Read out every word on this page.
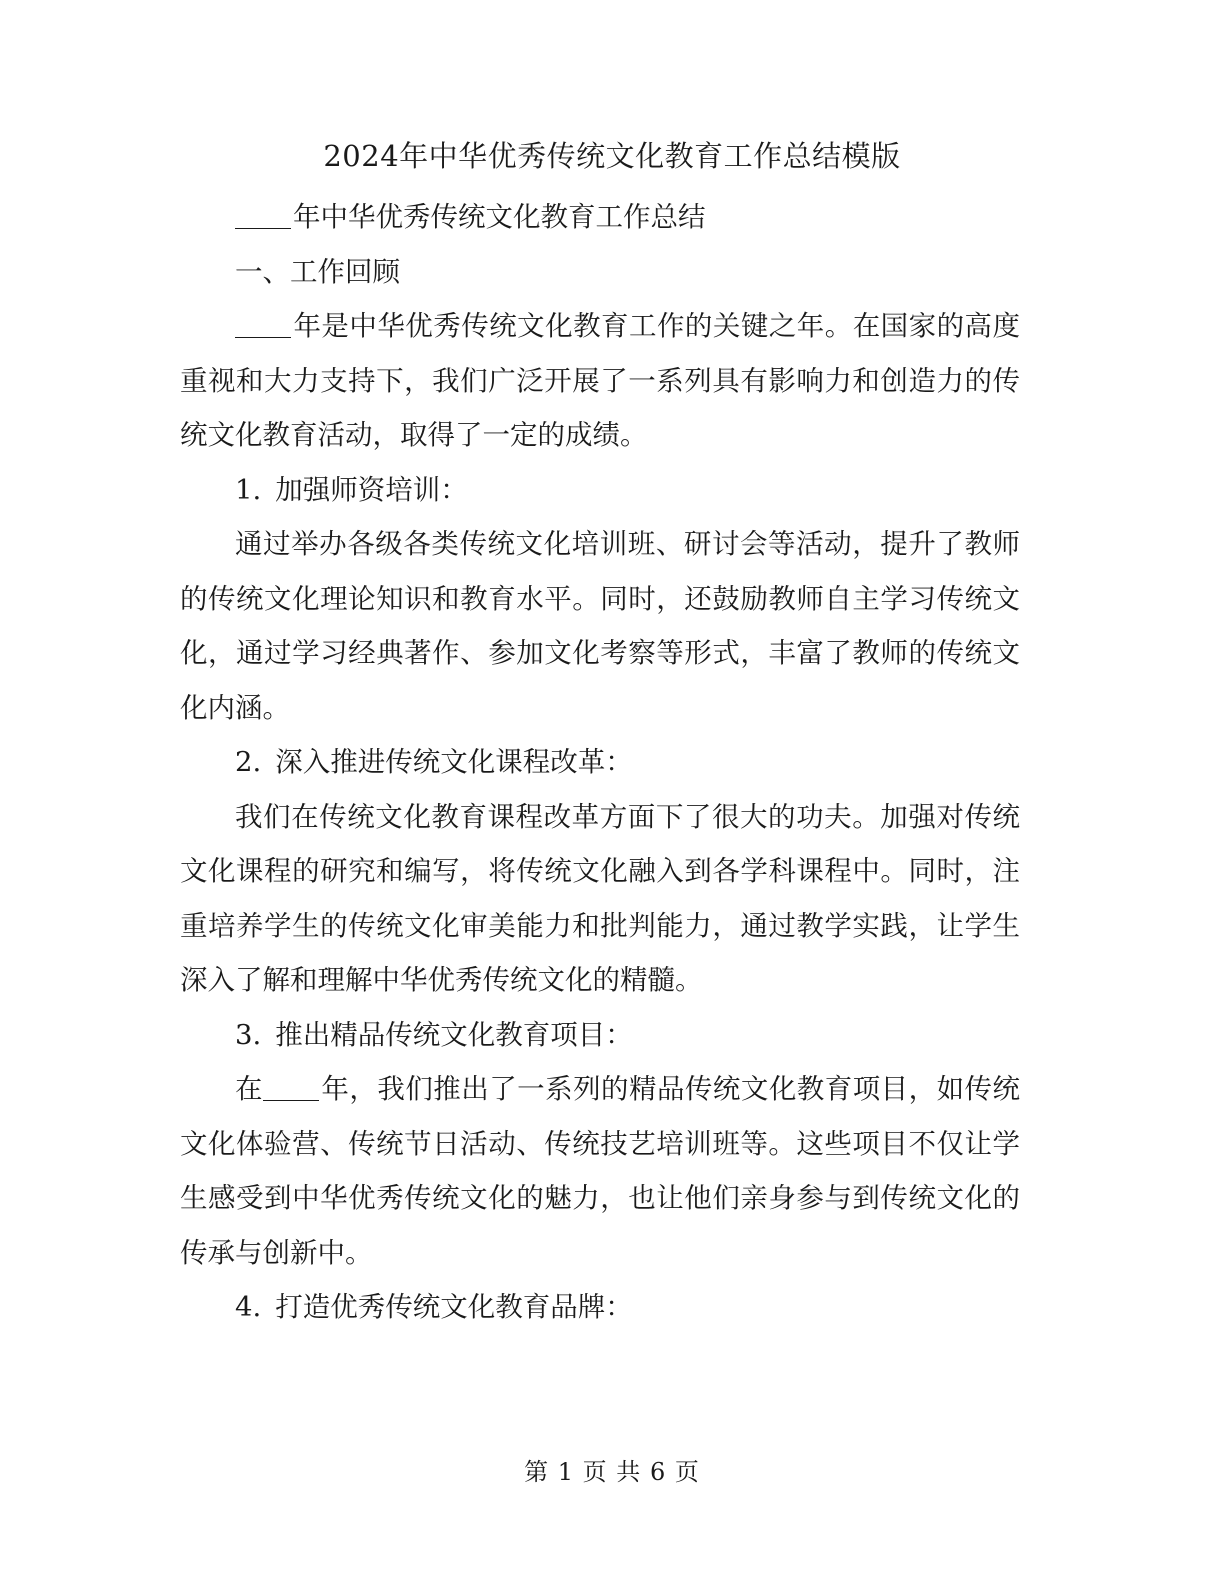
2024年中华优秀传统文化教育工作总结模版

年中华优秀传统文化教育工作总结

一、工作回顾

年是中华优秀传统文化教育工作的关键之年。在国家的高度重视和大力支持下，我们广泛开展了一系列具有影响力和创造力的传统文化教育活动，取得了一定的成绩。

1. 加强师资培训：

通过举办各级各类传统文化培训班、研讨会等活动，提升了教师的传统文化理论知识和教育水平。同时，还鼓励教师自主学习传统文化，通过学习经典著作、参加文化考察等形式，丰富了教师的传统文化内涵。

2. 深入推进传统文化课程改革：

我们在传统文化教育课程改革方面下了很大的功夫。加强对传统文化课程的研究和编写，将传统文化融入到各学科课程中。同时，注重培养学生的传统文化审美能力和批判能力，通过教学实践，让学生深入了解和理解中华优秀传统文化的精髓。

3. 推出精品传统文化教育项目：

在 年，我们推出了一系列的精品传统文化教育项目，如传统文化体验营、传统节日活动、传统技艺培训班等。这些项目不仅让学生感受到中华优秀传统文化的魅力，也让他们亲身参与到传统文化的传承与创新中。

4. 打造优秀传统文化教育品牌：

第 1 页 共 6 页
